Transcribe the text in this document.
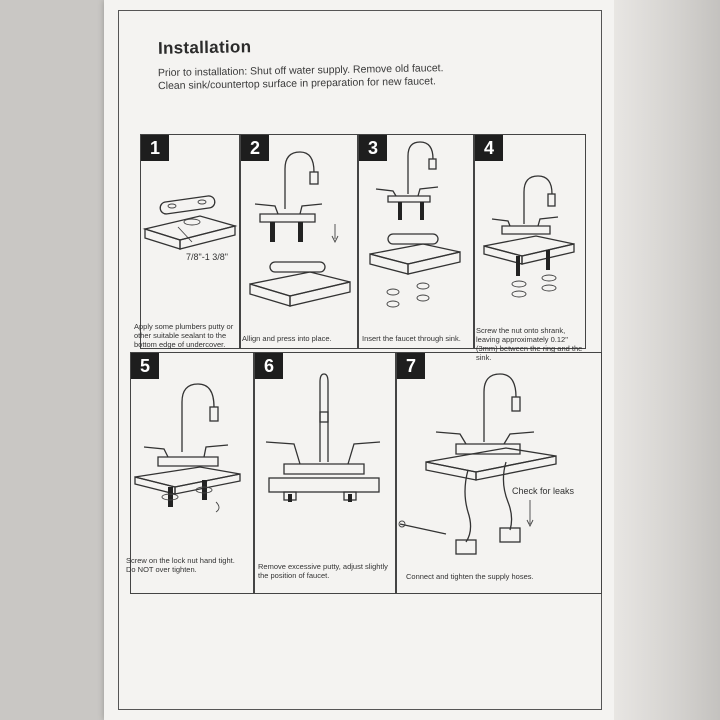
Installation
Prior to installation: Shut off water supply. Remove old faucet.
Clean sink/countertop surface in preparation for new faucet.
1
7/8"-1 3/8"
Apply some plumbers putty or other suitable sealant to the bottom edge of undercover.
2
Allign and press into place.
3
Insert the faucet through sink.
4
Screw the nut onto shrank, leaving approximately 0.12" (3mm) between the ring and the sink.
5
Screw on the lock nut hand tight. Do NOT over tighten.
6
Remove excessive putty, adjust slightly the position of faucet.
7
Check for leaks
Connect and tighten the supply hoses.
